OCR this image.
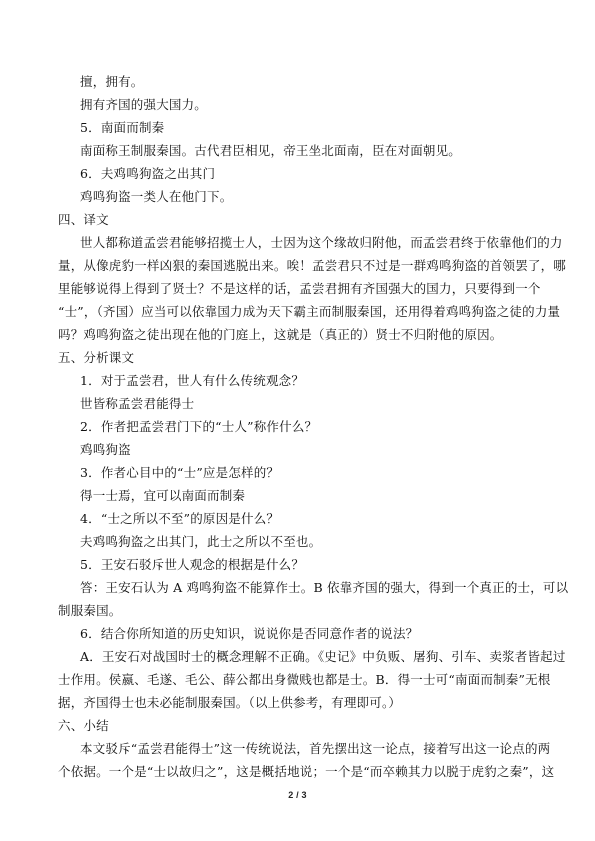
擅，拥有。
拥有齐国的强大国力。
5．南面而制秦
南面称王制服秦国。古代君臣相见，帝王坐北面南，臣在对面朝见。
6．夫鸡鸣狗盗之出其门
鸡鸣狗盗一类人在他门下。
四、译文
世人都称道孟尝君能够招揽士人，士因为这个缘故归附他，而孟尝君终于依靠他们的力
量，从像虎豹一样凶狠的秦国逃脱出来。唉！孟尝君只不过是一群鸡鸣狗盗的首领罢了，哪
里能够说得上得到了贤士？不是这样的话，孟尝君拥有齐国强大的国力，只要得到一个
“士”，（齐国）应当可以依靠国力成为天下霸主而制服秦国，还用得着鸡鸣狗盗之徒的力量
吗？鸡鸣狗盗之徒出现在他的门庭上，这就是（真正的）贤士不归附他的原因。
五、分析课文
1．对于孟尝君，世人有什么传统观念？
世皆称孟尝君能得士
2．作者把孟尝君门下的“士人”称作什么？
鸡鸣狗盗
3．作者心目中的“士”应是怎样的？
得一士焉，宜可以南面而制秦
4．“士之所以不至”的原因是什么？
夫鸡鸣狗盗之出其门，此士之所以不至也。
5．王安石驳斥世人观念的根据是什么？
答：王安石认为 A 鸡鸣狗盗不能算作士。B 依靠齐国的强大，得到一个真正的士，可以
制服秦国。
6．结合你所知道的历史知识，说说你是否同意作者的说法？
A．王安石对战国时士的概念理解不正确。《史记》中负贩、屠狗、引车、卖浆者皆起过
士作用。侯嬴、毛遂、毛公、薛公都出身微贱也都是士。B．得一士可“南面而制秦”无根
据，齐国得士也未必能制服秦国。（以上供参考，有理即可。）
六、小结
本文驳斥“孟尝君能得士”这一传统说法，首先摆出这一论点，接着写出这一论点的两
个依据。一个是“士以故归之”，这是概括地说；一个是“而卒赖其力以脱于虎豹之秦”，这
2 / 3
